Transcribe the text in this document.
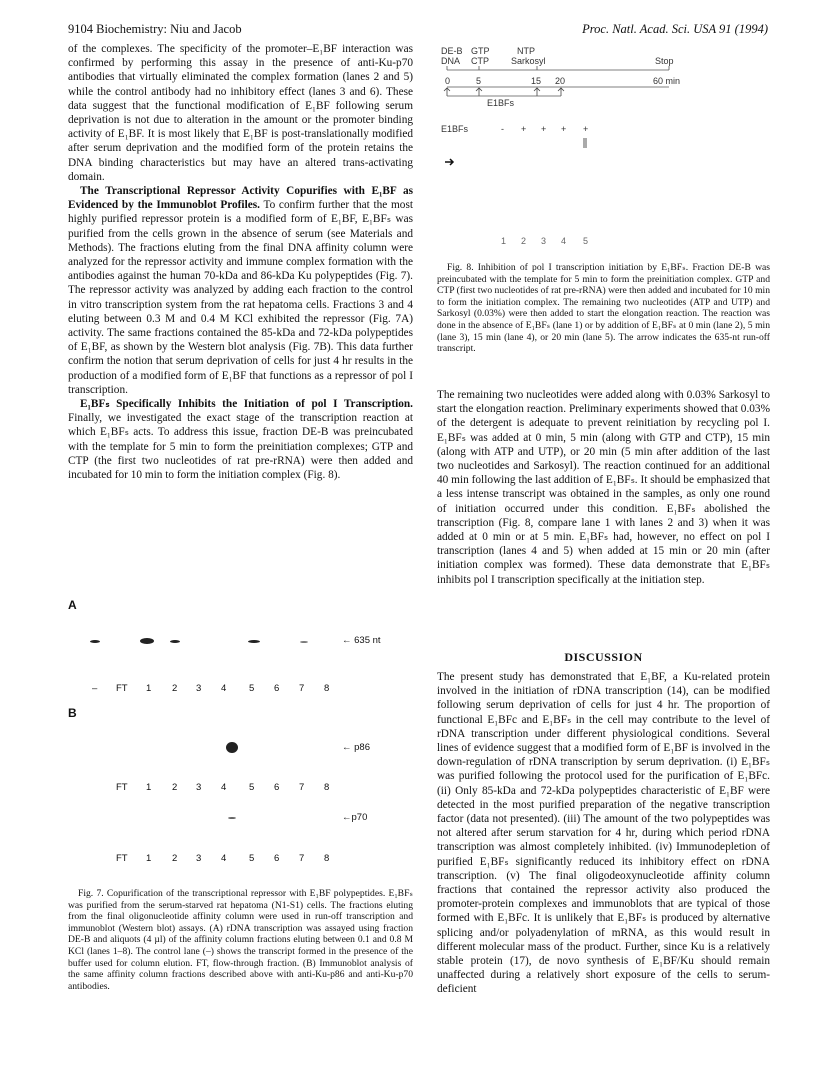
9104 Biochemistry: Niu and Jacob	Proc. Natl. Acad. Sci. USA 91 (1994)

of the complexes. The specificity of the promoter–E₁BF interaction was confirmed by performing this assay in the presence of anti-Ku-p70 antibodies that virtually eliminated the complex formation (lanes 2 and 5) while the control antibody had no inhibitory effect (lanes 3 and 6). These data suggest that the functional modification of E₁BF following serum deprivation is not due to alteration in the amount or the promoter binding activity of E₁BF. It is most likely that E₁BF is post-translationally modified after serum deprivation and the modified form of the protein retains the DNA binding characteristics but may have an altered trans-activating domain.

The Transcriptional Repressor Activity Copurifies with E₁BF as Evidenced by the Immunoblot Profiles. To confirm further that the most highly purified repressor protein is a modified form of E₁BF, E₁BFₛ was purified from the cells grown in the absence of serum (see Materials and Methods). The fractions eluting from the final DNA affinity column were analyzed for the repressor activity and immune complex formation with the antibodies against the human 70-kDa and 86-kDa Ku polypeptides (Fig. 7). The repressor activity was analyzed by adding each fraction to the control in vitro transcription system from the rat hepatoma cells. Fractions 3 and 4 eluting between 0.3 M and 0.4 M KCl exhibited the repressor (Fig. 7A) activity. The same fractions contained the 85-kDa and 72-kDa polypeptides of E₁BF, as shown by the Western blot analysis (Fig. 7B). This data further confirm the notion that serum deprivation of cells for just 4 hr results in the production of a modified form of E₁BF that functions as a repressor of pol I transcription.

E₁BFₛ Specifically Inhibits the Initiation of pol I Transcription. Finally, we investigated the exact stage of the transcription reaction at which E₁BFₛ acts. To address this issue, fraction DE-B was preincubated with the template for 5 min to form the preinitiation complexes; GTP and CTP (the first two nucleotides of rat pre-rRNA) were then added and incubated for 10 min to form the initiation complex (Fig. 8).

A
← 635 nt
– FT 1 2 3 4 5 6 7 8
B
← p86
FT 1 2 3 4 5 6 7 8
←p70
FT 1 2 3 4 5 6 7 8

Fig. 7. Copurification of the transcriptional repressor with E₁BF polypeptides. E₁BFₛ was purified from the serum-starved rat hepatoma (N1-S1) cells. The fractions eluting from the final oligonucleotide affinity column were used in run-off transcription and immunoblot (Western blot) assays. (A) rDNA transcription was assayed using fraction DE-B and aliquots (4 µl) of the affinity column fractions eluting between 0.1 and 0.8 M KCl (lanes 1–8). The control lane (–) shows the transcript formed in the presence of the buffer used for column elution. FT, flow-through fraction. (B) Immunoblot analysis of the same affinity column fractions described above with anti-Ku-p86 and anti-Ku-p70 antibodies.

DE-B
DNA
GTP
CTP
NTP
Sarkosyl	Stop
0	5	15 20	60 min
E1BFs
E1BFs	- + + + +
1 2 3 4 5

Fig. 8. Inhibition of pol I transcription initiation by E₁BFₛ. Fraction DE-B was preincubated with the template for 5 min to form the preinitiation complex. GTP and CTP (first two nucleotides of rat pre-rRNA) were then added and incubated for 10 min to form the initiation complex. The remaining two nucleotides (ATP and UTP) and Sarkosyl (0.03%) were then added to start the elongation reaction. The reaction was done in the absence of E₁BFₛ (lane 1) or by addition of E₁BFₛ at 0 min (lane 2), 5 min (lane 3), 15 min (lane 4), or 20 min (lane 5). The arrow indicates the 635-nt run-off transcript.

The remaining two nucleotides were added along with 0.03% Sarkosyl to start the elongation reaction. Preliminary experiments showed that 0.03% of the detergent is adequate to prevent reinitiation by recycling pol I. E₁BFₛ was added at 0 min, 5 min (along with GTP and CTP), 15 min (along with ATP and UTP), or 20 min (5 min after addition of the last two nucleotides and Sarkosyl). The reaction continued for an additional 40 min following the last addition of E₁BFₛ. It should be emphasized that a less intense transcript was obtained in the samples, as only one round of initiation occurred under this condition. E₁BFₛ abolished the transcription (Fig. 8, compare lane 1 with lanes 2 and 3) when it was added at 0 min or at 5 min. E₁BFₛ had, however, no effect on pol I transcription (lanes 4 and 5) when added at 15 min or 20 min (after initiation complex was formed). These data demonstrate that E₁BFₛ inhibits pol I transcription specifically at the initiation step.

DISCUSSION

The present study has demonstrated that E₁BF, a Ku-related protein involved in the initiation of rDNA transcription (14), can be modified following serum deprivation of cells for just 4 hr. The proportion of functional E₁BFc and E₁BFₛ in the cell may contribute to the level of rDNA transcription under different physiological conditions. Several lines of evidence suggest that a modified form of E₁BF is involved in the down-regulation of rDNA transcription by serum deprivation. (i) E₁BFₛ was purified following the protocol used for the purification of E₁BFc. (ii) Only 85-kDa and 72-kDa polypeptides characteristic of E₁BF were detected in the most purified preparation of the negative transcription factor (data not presented). (iii) The amount of the two polypeptides was not altered after serum starvation for 4 hr, during which period rDNA transcription was almost completely inhibited. (iv) Immunodepletion of purified E₁BFₛ significantly reduced its inhibitory effect on rDNA transcription. (v) The final oligodeoxynucleotide affinity column fractions that contained the repressor activity also produced the promoter-protein complexes and immunoblots that are typical of those formed with E₁BFc. It is unlikely that E₁BFₛ is produced by alternative splicing and/or polyadenylation of mRNA, as this would result in different molecular mass of the product. Further, since Ku is a relatively stable protein (17), de novo synthesis of E₁BF/Ku should remain unaffected during a relatively short exposure of the cells to serum-deficient
